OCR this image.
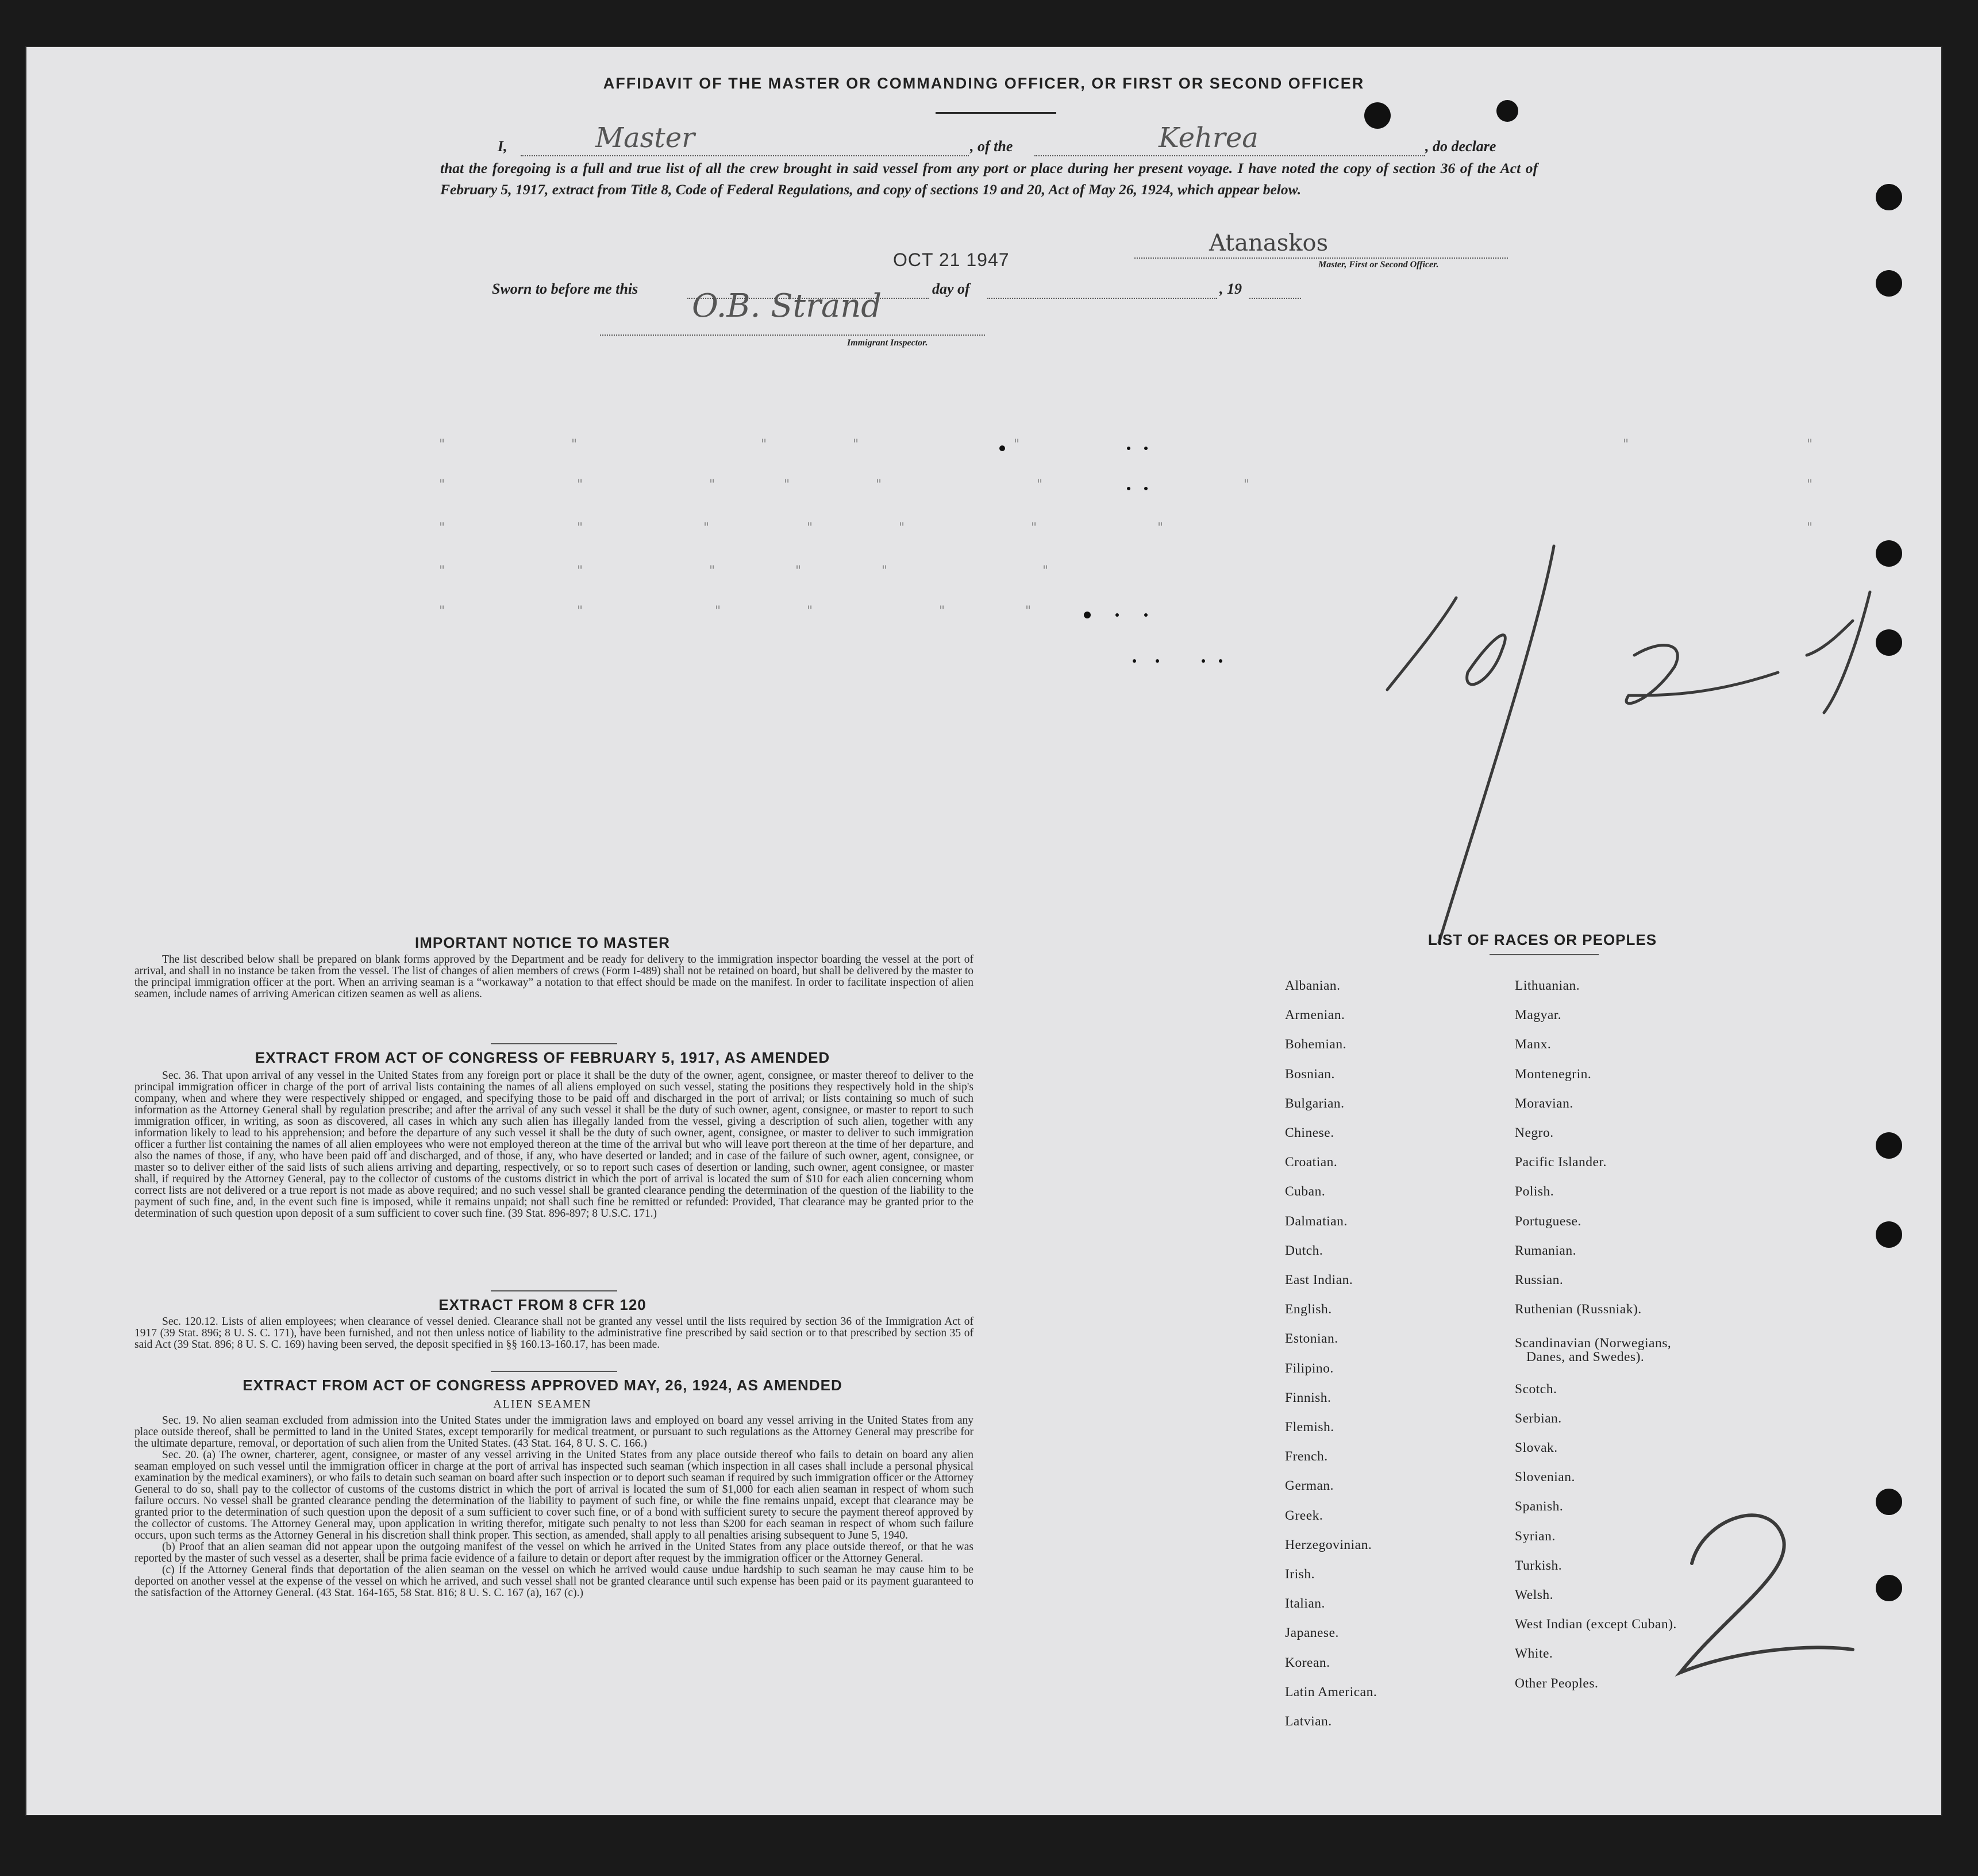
AFFIDAVIT OF THE MASTER OR COMMANDING OFFICER, OR FIRST OR SECOND OFFICER
I,	Master	, of the	Kehrea	, do declare
that the foregoing is a full and true list of all the crew brought in said vessel from any port or place during her present voyage. I have noted the copy of section 36 of the Act of February 5, 1917, extract from Title 8, Code of Federal Regulations, and copy of sections 19 and 20, Act of May 26, 1924, which appear below.
Atanaskos
Master, First or Second Officer.
OCT 21 1947
Sworn to before me this	day of	, 19
O.B. Strand
Immigrant Inspector.
"	"	"	"	"	"	"
"	"	"	"	"	"	"	"
"	"	"	"	"	"	"	"
"	"	"	"	"	"
"	"	"	"	"	"
IMPORTANT NOTICE TO MASTER

The list described below shall be prepared on blank forms approved by the Department and be ready for delivery to the immigration inspector boarding the vessel at the port of arrival, and shall in no instance be taken from the vessel. The list of changes of alien members of crews (Form I-489) shall not be retained on board, but shall be delivered by the master to the principal immigration officer at the port. When an arriving seaman is a “workaway” a notation to that effect should be made on the manifest. In order to facilitate inspection of alien seamen, include names of arriving American citizen seamen as well as aliens.

EXTRACT FROM ACT OF CONGRESS OF FEBRUARY 5, 1917, AS AMENDED

Sec. 36. That upon arrival of any vessel in the United States from any foreign port or place it shall be the duty of the owner, agent, consignee, or master thereof to deliver to the principal immigration officer in charge of the port of arrival lists containing the names of all aliens employed on such vessel, stating the positions they respectively hold in the ship's company, when and where they were respectively shipped or engaged, and specifying those to be paid off and discharged in the port of arrival; or lists containing so much of such information as the Attorney General shall by regulation prescribe; and after the arrival of any such vessel it shall be the duty of such owner, agent, consignee, or master to report to such immigration officer, in writing, as soon as discovered, all cases in which any such alien has illegally landed from the vessel, giving a description of such alien, together with any information likely to lead to his apprehension; and before the departure of any such vessel it shall be the duty of such owner, agent, consignee, or master to deliver to such immigration officer a further list containing the names of all alien employees who were not employed thereon at the time of the arrival but who will leave port thereon at the time of her departure, and also the names of those, if any, who have been paid off and discharged, and of those, if any, who have deserted or landed; and in case of the failure of such owner, agent, consignee, or master so to deliver either of the said lists of such aliens arriving and departing, respectively, or so to report such cases of desertion or landing, such owner, agent consignee, or master shall, if required by the Attorney General, pay to the collector of customs of the customs district in which the port of arrival is located the sum of $10 for each alien concerning whom correct lists are not delivered or a true report is not made as above required; and no such vessel shall be granted clearance pending the determination of the question of the liability to the payment of such fine, and, in the event such fine is imposed, while it remains unpaid; not shall such fine be remitted or refunded: Provided, That clearance may be granted prior to the determination of such question upon deposit of a sum sufficient to cover such fine. (39 Stat. 896-897; 8 U.S.C. 171.)

EXTRACT FROM 8 CFR 120

Sec. 120.12. Lists of alien employees; when clearance of vessel denied. Clearance shall not be granted any vessel until the lists required by section 36 of the Immigration Act of 1917 (39 Stat. 896; 8 U. S. C. 171), have been furnished, and not then unless notice of liability to the administrative fine prescribed by said section or to that prescribed by section 35 of said Act (39 Stat. 896; 8 U. S. C. 169) having been served, the deposit specified in §§ 160.13-160.17, has been made.

EXTRACT FROM ACT OF CONGRESS APPROVED MAY, 26, 1924, AS AMENDED
ALIEN SEAMEN

Sec. 19. No alien seaman excluded from admission into the United States under the immigration laws and employed on board any vessel arriving in the United States from any place outside thereof, shall be permitted to land in the United States, except temporarily for medical treatment, or pursuant to such regulations as the Attorney General may prescribe for the ultimate departure, removal, or deportation of such alien from the United States. (43 Stat. 164, 8 U. S. C. 166.)

Sec. 20. (a) The owner, charterer, agent, consignee, or master of any vessel arriving in the United States from any place outside thereof who fails to detain on board any alien seaman employed on such vessel until the immigration officer in charge at the port of arrival has inspected such seaman (which inspection in all cases shall include a personal physical examination by the medical examiners), or who fails to detain such seaman on board after such inspection or to deport such seaman if required by such immigration officer or the Attorney General to do so, shall pay to the collector of customs of the customs district in which the port of arrival is located the sum of $1,000 for each alien seaman in respect of whom such failure occurs. No vessel shall be granted clearance pending the determination of the liability to payment of such fine, or while the fine remains unpaid, except that clearance may be granted prior to the determination of such question upon the deposit of a sum sufficient to cover such fine, or of a bond with sufficient surety to secure the payment thereof approved by the collector of customs. The Attorney General may, upon application in writing therefor, mitigate such penalty to not less than $200 for each seaman in respect of whom such failure occurs, upon such terms as the Attorney General in his discretion shall think proper. This section, as amended, shall apply to all penalties arising subsequent to June 5, 1940.

(b) Proof that an alien seaman did not appear upon the outgoing manifest of the vessel on which he arrived in the United States from any place outside thereof, or that he was reported by the master of such vessel as a deserter, shall be prima facie evidence of a failure to detain or deport after request by the immigration officer or the Attorney General.

(c) If the Attorney General finds that deportation of the alien seaman on the vessel on which he arrived would cause undue hardship to such seaman he may cause him to be deported on another vessel at the expense of the vessel on which he arrived, and such vessel shall not be granted clearance until such expense has been paid or its payment guaranteed to the satisfaction of the Attorney General. (43 Stat. 164-165, 58 Stat. 816; 8 U. S. C. 167 (a), 167 (c).)

LIST OF RACES OR PEOPLES
Albanian.
Armenian.
Bohemian.
Bosnian.
Bulgarian.
Chinese.
Croatian.
Cuban.
Dalmatian.
Dutch.
East Indian.
English.
Estonian.
Filipino.
Finnish.
Flemish.
French.
German.
Greek.
Herzegovinian.
Irish.
Italian.
Japanese.
Korean.
Latin American.
Latvian.
Lithuanian.
Magyar.
Manx.
Montenegrin.
Moravian.
Negro.
Pacific Islander.
Polish.
Portuguese.
Rumanian.
Russian.
Ruthenian (Russniak).
Scandinavian (Norwegians,
Danes, and Swedes).
Scotch.
Serbian.
Slovak.
Slovenian.
Spanish.
Syrian.
Turkish.
Welsh.
West Indian (except Cuban).
White.
Other Peoples.
